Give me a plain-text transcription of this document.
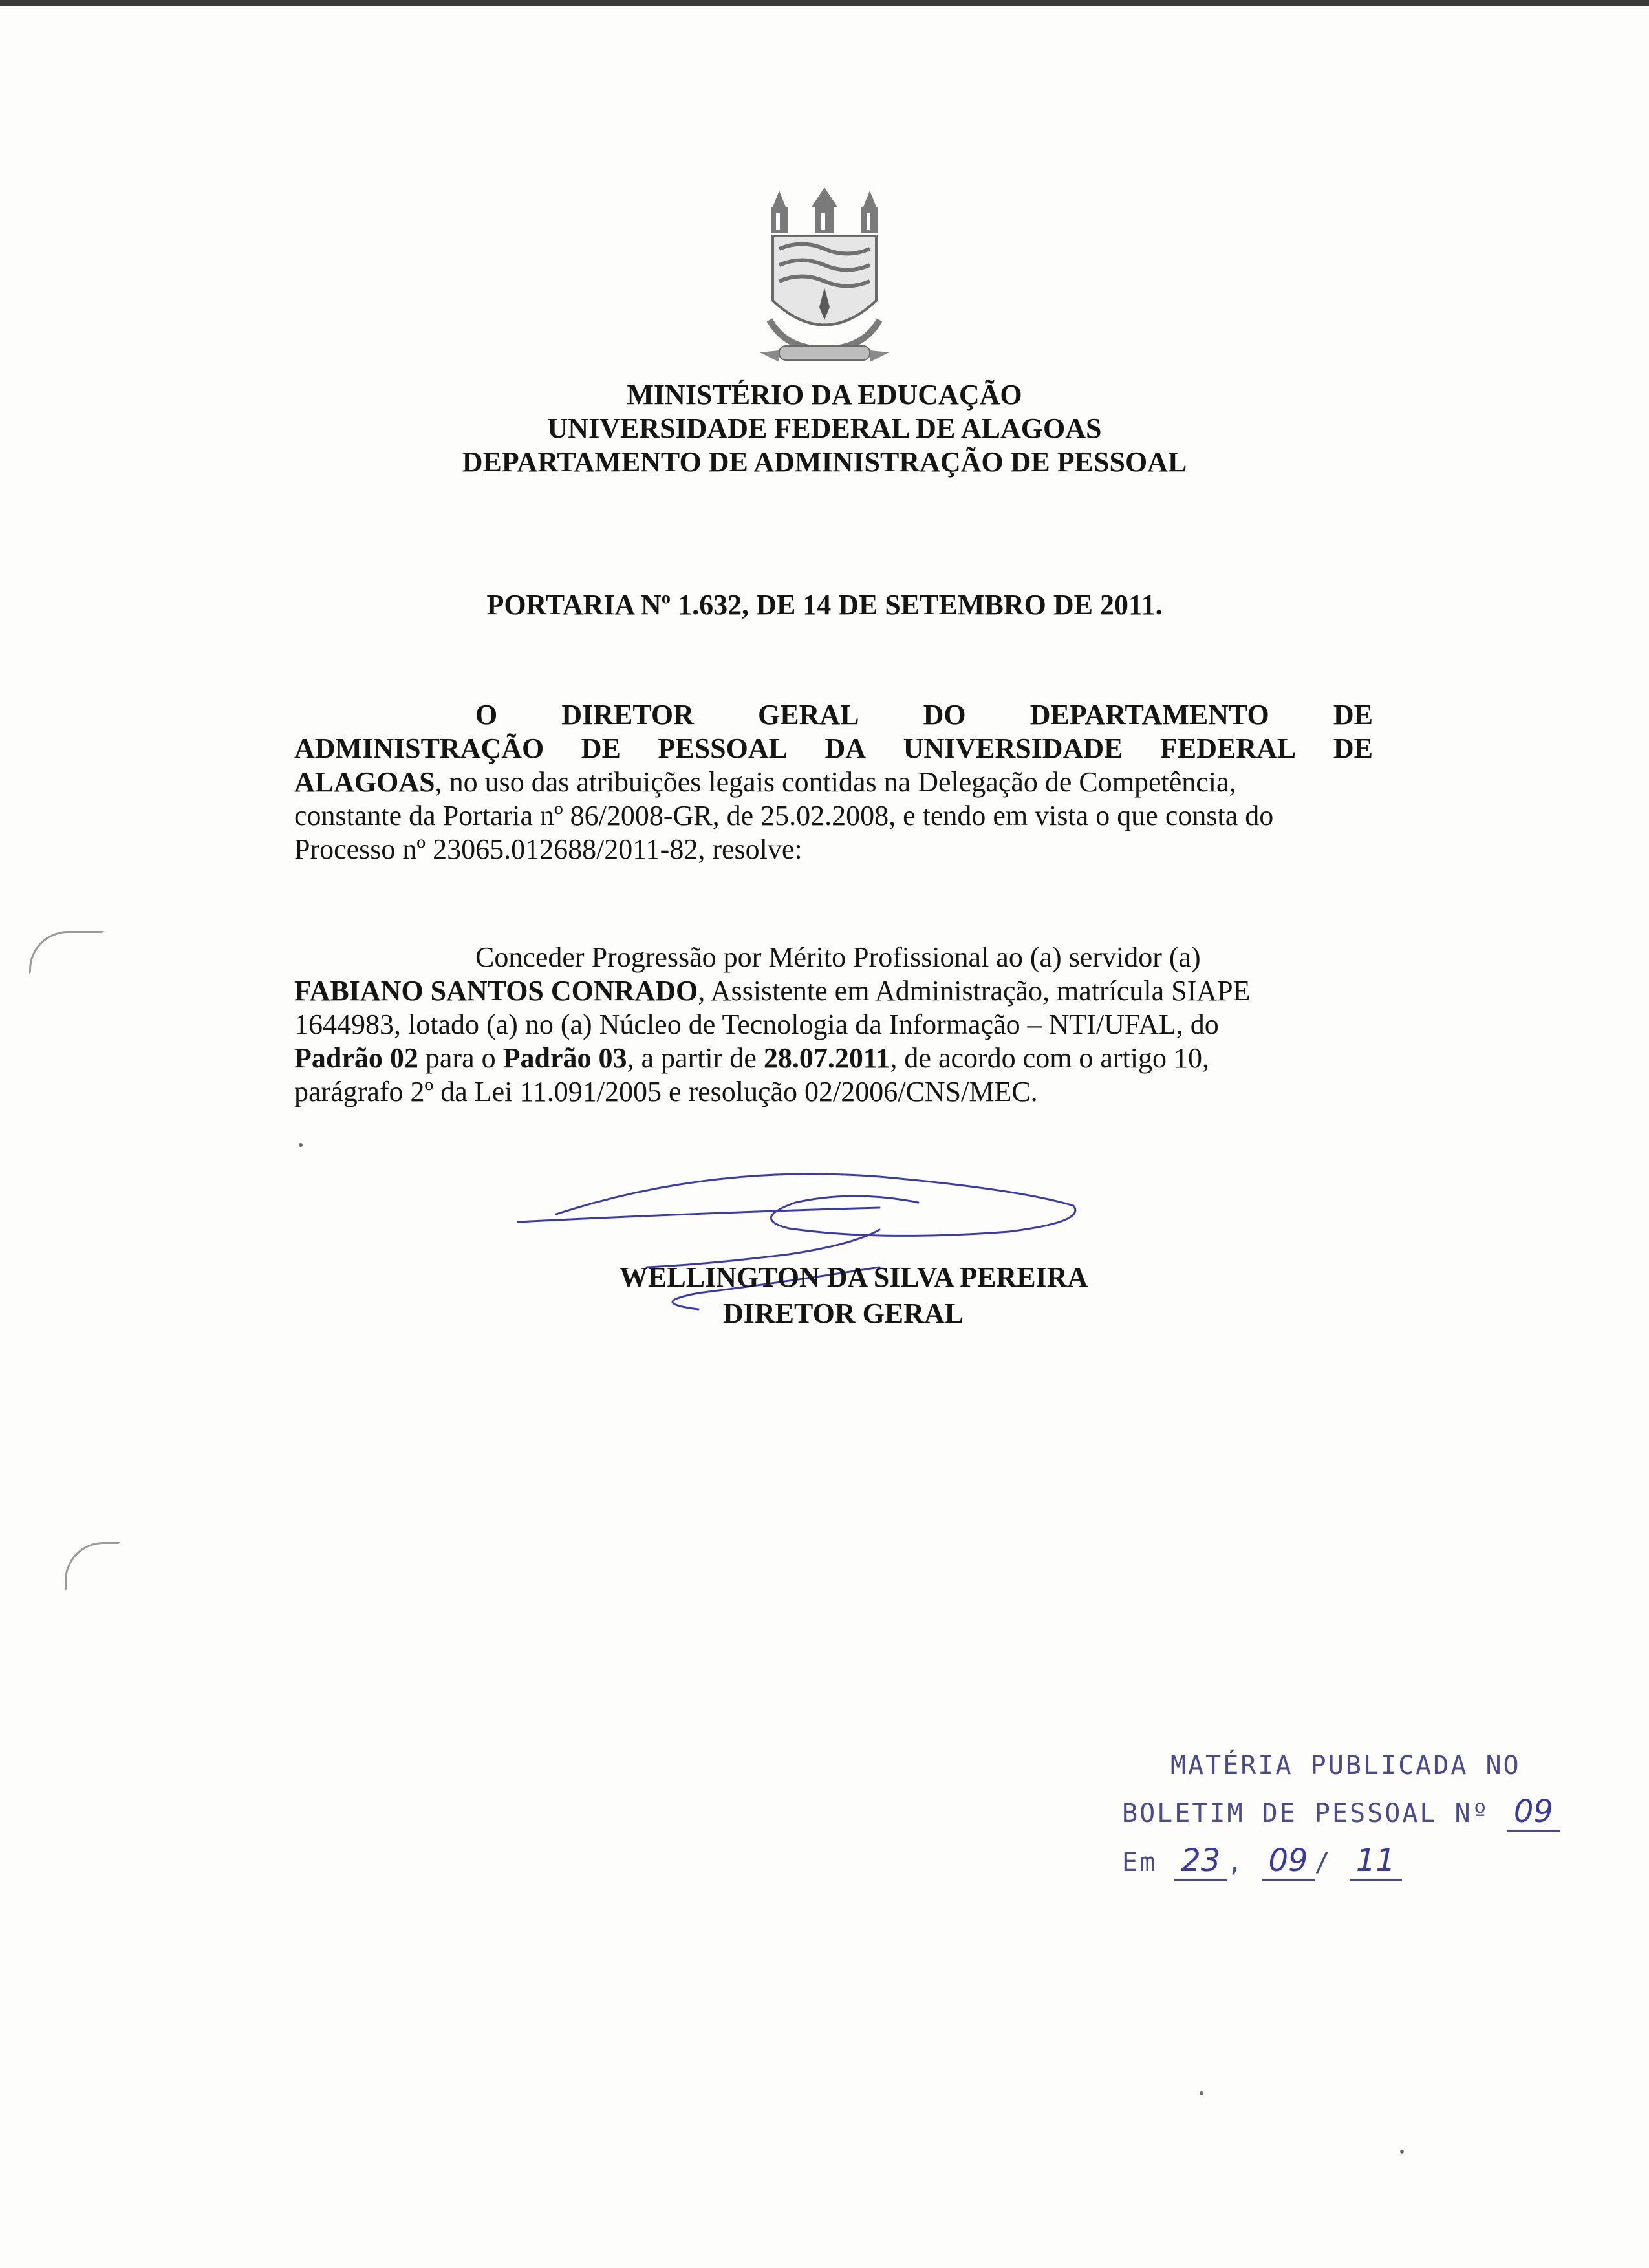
MINISTÉRIO DA EDUCAÇÃO
UNIVERSIDADE FEDERAL DE ALAGOAS
DEPARTAMENTO DE ADMINISTRAÇÃO DE PESSOAL
PORTARIA Nº 1.632, DE 14 DE SETEMBRO DE 2011.
O DIRETOR GERAL DO DEPARTAMENTO DE
ADMINISTRAÇÃO DE PESSOAL DA UNIVERSIDADE FEDERAL DE
ALAGOAS , no uso das atribuições legais contidas na Delegação de Competência,
constante da Portaria nº 86/2008-GR, de 25.02.2008, e tendo em vista o que consta do
Processo nº 23065.012688/2011-82, resolve:
Conceder Progressão por Mérito Profissional ao (a) servidor (a)
FABIANO SANTOS CONRADO , Assistente em Administração, matrícula SIAPE
1644983, lotado (a) no (a) Núcleo de Tecnologia da Informação – NTI/UFAL, do
Padrão 02 para o Padrão 03 , a partir de 28.07.2011 , de acordo com o artigo 10,
parágrafo 2º da Lei 11.091/2005 e resolução 02/2006/CNS/MEC.
WELLINGTON DA SILVA PEREIRA
DIRETOR GERAL
MATÉRIA PUBLICADA NO
BOLETIM DE PESSOAL Nº 09
Em 23 , 09 / 11
